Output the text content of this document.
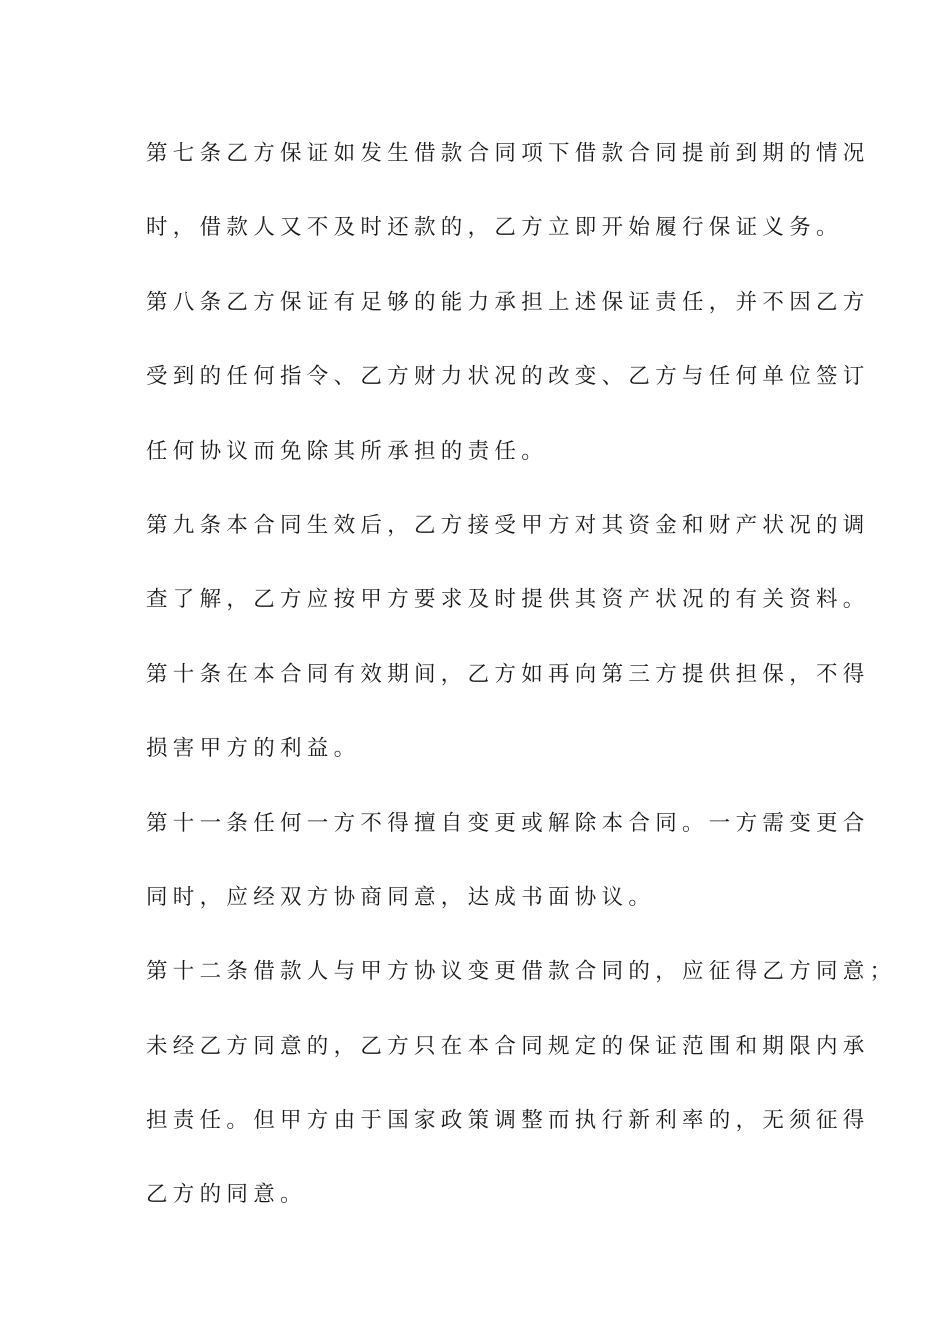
第七条乙方保证如发生借款合同项下借款合同提前到期的情况
时，借款人又不及时还款的，乙方立即开始履行保证义务。
第八条乙方保证有足够的能力承担上述保证责任，并不因乙方
受到的任何指令、乙方财力状况的改变、乙方与任何单位签订
任何协议而免除其所承担的责任。
第九条本合同生效后，乙方接受甲方对其资金和财产状况的调
查了解，乙方应按甲方要求及时提供其资产状况的有关资料。
第十条在本合同有效期间，乙方如再向第三方提供担保，不得
损害甲方的利益。
第十一条任何一方不得擅自变更或解除本合同。一方需变更合
同时，应经双方协商同意，达成书面协议。
第十二条借款人与甲方协议变更借款合同的，应征得乙方同意；
未经乙方同意的，乙方只在本合同规定的保证范围和期限内承
担责任。但甲方由于国家政策调整而执行新利率的，无须征得
乙方的同意。
